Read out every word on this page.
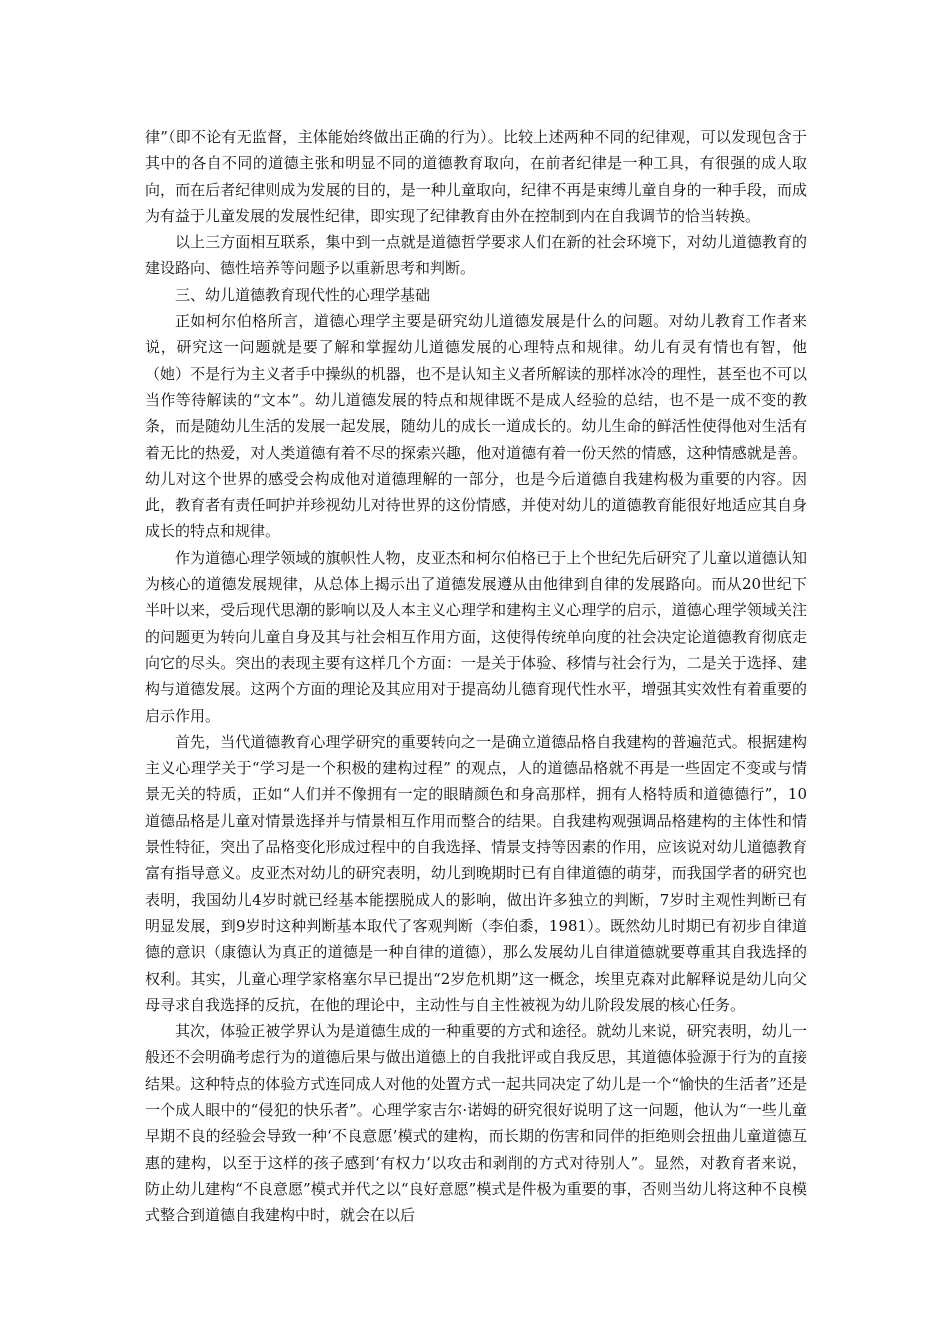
律”（即不论有无监督，主体能始终做出正确的行为）。比较上述两种不同的纪律观，可以发现包含于其中的各自不同的道德主张和明显不同的道德教育取向，在前者纪律是一种工具，有很强的成人取向，而在后者纪律则成为发展的目的，是一种儿童取向，纪律不再是束缚儿童自身的一种手段，而成为有益于儿童发展的发展性纪律，即实现了纪律教育由外在控制到内在自我调节的恰当转换。

以上三方面相互联系，集中到一点就是道德哲学要求人们在新的社会环境下，对幼儿道德教育的建设路向、德性培养等问题予以重新思考和判断。

三、幼儿道德教育现代性的心理学基础

正如柯尔伯格所言，道德心理学主要是研究幼儿道德发展是什么的问题。对幼儿教育工作者来说，研究这一问题就是要了解和掌握幼儿道德发展的心理特点和规律。幼儿有灵有情也有智，他（她）不是行为主义者手中操纵的机器，也不是认知主义者所解读的那样冰冷的理性，甚至也不可以当作等待解读的“文本”。幼儿道德发展的特点和规律既不是成人经验的总结，也不是一成不变的教条，而是随幼儿生活的发展一起发展，随幼儿的成长一道成长的。幼儿生命的鲜活性使得他对生活有着无比的热爱，对人类道德有着不尽的探索兴趣，他对道德有着一份天然的情感，这种情感就是善。幼儿对这个世界的感受会构成他对道德理解的一部分，也是今后道德自我建构极为重要的内容。因此，教育者有责任呵护并珍视幼儿对待世界的这份情感，并使对幼儿的道德教育能很好地适应其自身成长的特点和规律。

作为道德心理学领域的旗帜性人物，皮亚杰和柯尔伯格已于上个世纪先后研究了儿童以道德认知为核心的道德发展规律，从总体上揭示出了道德发展遵从由他律到自律的发展路向。而从20世纪下半叶以来，受后现代思潮的影响以及人本主义心理学和建构主义心理学的启示，道德心理学领域关注的问题更为转向儿童自身及其与社会相互作用方面，这使得传统单向度的社会决定论道德教育彻底走向它的尽头。突出的表现主要有这样几个方面：一是关于体验、移情与社会行为，二是关于选择、建构与道德发展。这两个方面的理论及其应用对于提高幼儿德育现代性水平，增强其实效性有着重要的启示作用。

首先，当代道德教育心理学研究的重要转向之一是确立道德品格自我建构的普遍范式。根据建构主义心理学关于“学习是一个积极的建构过程” 的观点，人的道德品格就不再是一些固定不变或与情景无关的特质，正如“人们并不像拥有一定的眼睛颜色和身高那样，拥有人格特质和道德德行”，10道德品格是儿童对情景选择并与情景相互作用而整合的结果。自我建构观强调品格建构的主体性和情景性特征，突出了品格变化形成过程中的自我选择、情景支持等因素的作用，应该说对幼儿道德教育富有指导意义。皮亚杰对幼儿的研究表明，幼儿到晚期时已有自律道德的萌芽，而我国学者的研究也表明，我国幼儿4岁时就已经基本能摆脱成人的影响，做出许多独立的判断，7岁时主观性判断已有明显发展，到9岁时这种判断基本取代了客观判断（李伯黍，1981）。既然幼儿时期已有初步自律道德的意识（康德认为真正的道德是一种自律的道德），那么发展幼儿自律道德就要尊重其自我选择的权利。其实，儿童心理学家格塞尔早已提出“2岁危机期”这一概念，埃里克森对此解释说是幼儿向父母寻求自我选择的反抗，在他的理论中，主动性与自主性被视为幼儿阶段发展的核心任务。

其次，体验正被学界认为是道德生成的一种重要的方式和途径。就幼儿来说，研究表明，幼儿一般还不会明确考虑行为的道德后果与做出道德上的自我批评或自我反思，其道德体验源于行为的直接结果。这种特点的体验方式连同成人对他的处置方式一起共同决定了幼儿是一个“愉快的生活者”还是一个成人眼中的“侵犯的快乐者”。心理学家吉尔·诺姆的研究很好说明了这一问题，他认为“一些儿童早期不良的经验会导致一种‘不良意愿’模式的建构，而长期的伤害和同伴的拒绝则会扭曲儿童道德互惠的建构，以至于这样的孩子感到‘有权力’以攻击和剥削的方式对待别人”。显然，对教育者来说，防止幼儿建构“不良意愿”模式并代之以“良好意愿”模式是件极为重要的事，否则当幼儿将这种不良模式整合到道德自我建构中时，就会在以后
